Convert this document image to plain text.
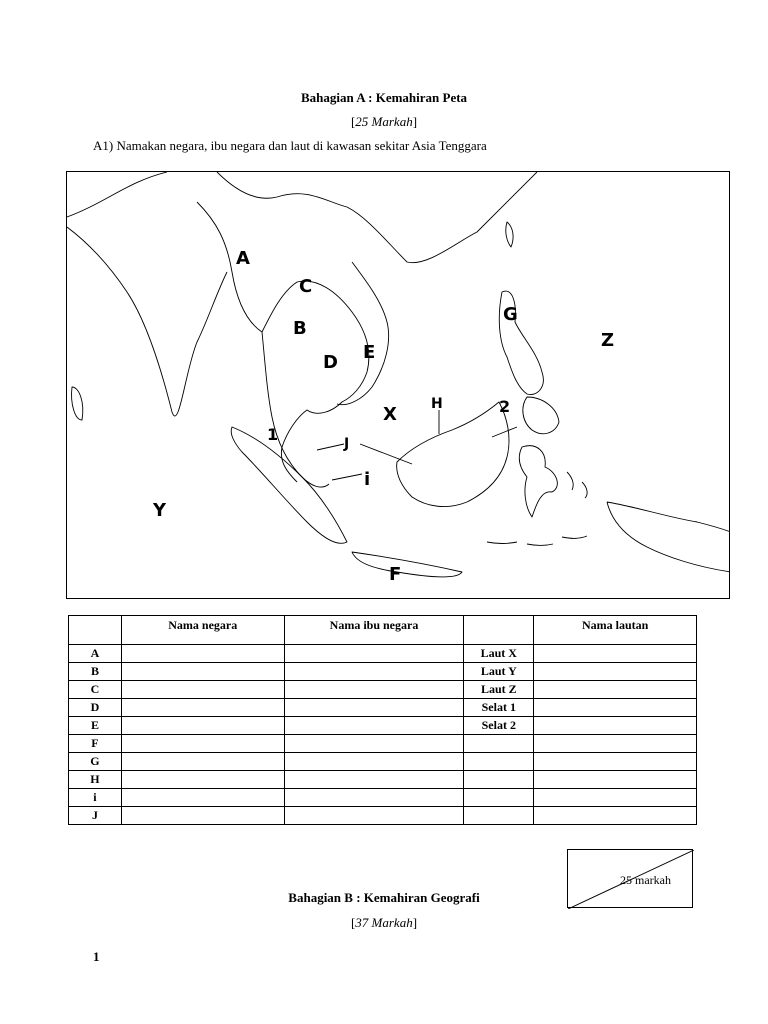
Bahagian A : Kemahiran Peta
[25 Markah]
A1) Namakan negara, ibu negara dan laut di kawasan sekitar Asia Tenggara
A
C
B
D E
G
Z
X H	2
1	J
i
Y
F
	Nama negara	Nama ibu negara		Nama lautan
A			Laut X	
B			Laut Y	
C			Laut Z	
D			Selat 1	
E			Selat 2	
F				
G				
H				
i				
J				
25 markah
Bahagian B : Kemahiran Geografi
[37 Markah]
1
